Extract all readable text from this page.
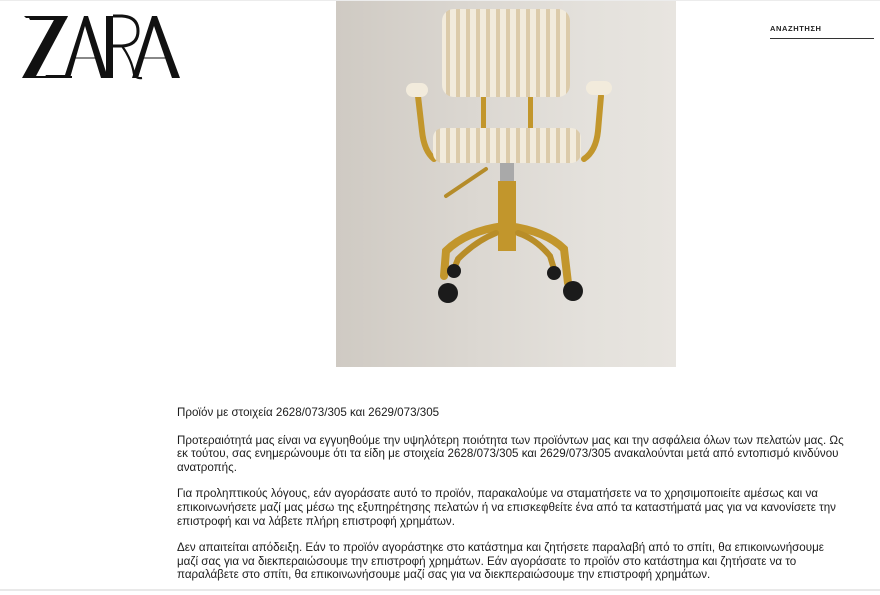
ΑΝΑΖΗΤΗΣΗ

Προϊόν με στοιχεία 2628/073/305 και 2629/073/305

Προτεραιότητά μας είναι να εγγυηθούμε την υψηλότερη ποιότητα των προϊόντων μας και την ασφάλεια όλων των πελατών μας. Ως εκ τούτου, σας ενημερώνουμε ότι τα είδη με στοιχεία 2628/073/305 και 2629/073/305 ανακαλούνται μετά από εντοπισμό κινδύνου ανατροπής.

Για προληπτικούς λόγους, εάν αγοράσατε αυτό το προϊόν, παρακαλούμε να σταματήσετε να το χρησιμοποιείτε αμέσως και να επικοινωνήσετε μαζί μας μέσω της εξυπηρέτησης πελατών ή να επισκεφθείτε ένα από τα καταστήματά μας για να κανονίσετε την επιστροφή και να λάβετε πλήρη επιστροφή χρημάτων.

Δεν απαιτείται απόδειξη. Εάν το προϊόν αγοράστηκε στο κατάστημα και ζητήσετε παραλαβή από το σπίτι, θα επικοινωνήσουμε μαζί σας για να διεκπεραιώσουμε την επιστροφή χρημάτων. Εάν αγοράσατε το προϊόν στο κατάστημα και ζητήσατε να το παραλάβετε στο σπίτι, θα επικοινωνήσουμε μαζί σας για να διεκπεραιώσουμε την επιστροφή χρημάτων.
